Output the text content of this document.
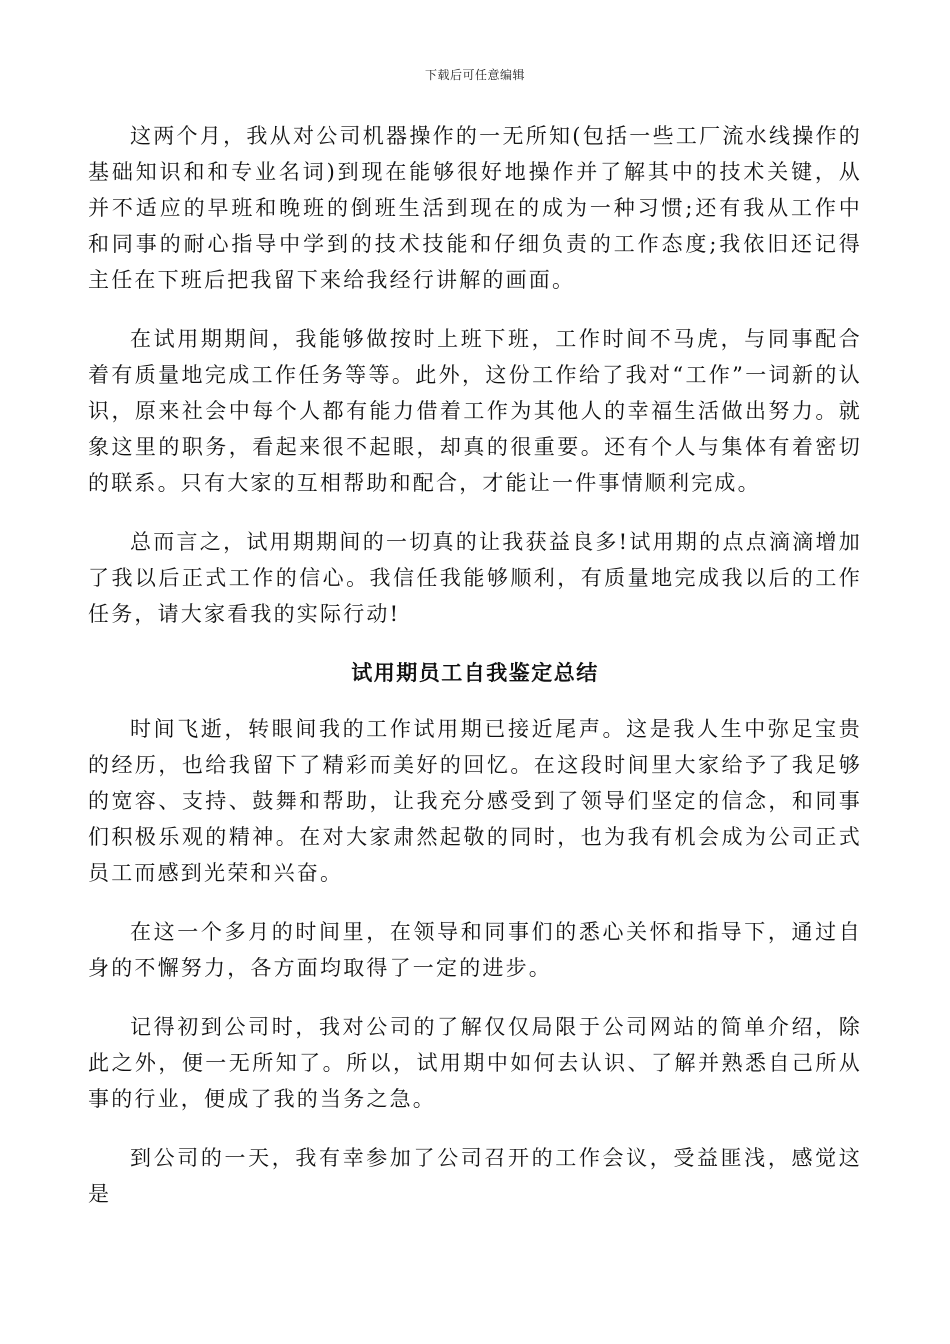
下载后可任意编辑

这两个月，我从对公司机器操作的一无所知(包括一些工厂流水线操作的基础知识和和专业名词)到现在能够很好地操作并了解其中的技术关键，从并不适应的早班和晚班的倒班生活到现在的成为一种习惯;还有我从工作中和同事的耐心指导中学到的技术技能和仔细负责的工作态度;我依旧还记得主任在下班后把我留下来给我经行讲解的画面。

在试用期期间，我能够做按时上班下班，工作时间不马虎，与同事配合着有质量地完成工作任务等等。此外，这份工作给了我对“工作”一词新的认识，原来社会中每个人都有能力借着工作为其他人的幸福生活做出努力。就象这里的职务，看起来很不起眼，却真的很重要。还有个人与集体有着密切的联系。只有大家的互相帮助和配合，才能让一件事情顺利完成。

总而言之，试用期期间的一切真的让我获益良多!试用期的点点滴滴增加了我以后正式工作的信心。我信任我能够顺利，有质量地完成我以后的工作任务，请大家看我的实际行动!

试用期员工自我鉴定总结

时间飞逝，转眼间我的工作试用期已接近尾声。这是我人生中弥足宝贵的经历，也给我留下了精彩而美好的回忆。在这段时间里大家给予了我足够的宽容、支持、鼓舞和帮助，让我充分感受到了领导们坚定的信念，和同事们积极乐观的精神。在对大家肃然起敬的同时，也为我有机会成为公司正式员工而感到光荣和兴奋。

在这一个多月的时间里，在领导和同事们的悉心关怀和指导下，通过自身的不懈努力，各方面均取得了一定的进步。

记得初到公司时，我对公司的了解仅仅局限于公司网站的简单介绍，除此之外，便一无所知了。所以，试用期中如何去认识、了解并熟悉自己所从事的行业，便成了我的当务之急。

到公司的一天，我有幸参加了公司召开的工作会议，受益匪浅，感觉这是
